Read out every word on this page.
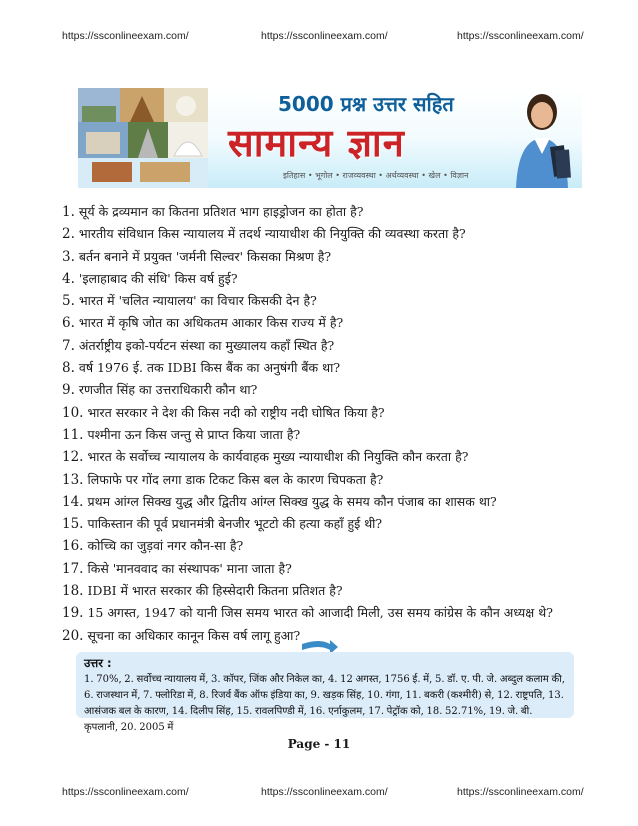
https://ssconlineexam.com/	https://ssconlineexam.com/	https://ssconlineexam.com/
5000 प्रश्न उत्तर सहित
सामान्य ज्ञान
इतिहास • भूगोल • राजव्यवस्था • अर्थव्यवस्था • खेल • विज्ञान
1. सूर्य के द्रव्यमान का कितना प्रतिशत भाग हाइड्रोजन का होता है?
2. भारतीय संविधान किस न्यायालय में तदर्थ न्यायाधीश की नियुक्ति की व्यवस्था करता है?
3. बर्तन बनाने में प्रयुक्त 'जर्मनी सिल्वर' किसका मिश्रण है?
4. 'इलाहाबाद की संधि' किस वर्ष हुई?
5. भारत में 'चलित न्यायालय' का विचार किसकी देन है?
6. भारत में कृषि जोत का अधिकतम आकार किस राज्य में है?
7. अंतर्राष्ट्रीय इको-पर्यटन संस्था का मुख्यालय कहाँ स्थित है?
8. वर्ष 1976 ई. तक IDBI किस बैंक का अनुषंगी बैंक था?
9. रणजीत सिंह का उत्तराधिकारी कौन था?
10. भारत सरकार ने देश की किस नदी को राष्ट्रीय नदी घोषित किया है?
11. पश्मीना ऊन किस जन्तु से प्राप्त किया जाता है?
12. भारत के सर्वोच्च न्यायालय के कार्यवाहक मुख्य न्यायाधीश की नियुक्ति कौन करता है?
13. लिफाफे पर गोंद लगा डाक टिकट किस बल के कारण चिपकता है?
14. प्रथम आंग्ल सिक्ख युद्ध और द्वितीय आंग्ल सिक्ख युद्ध के समय कौन पंजाब का शासक था?
15. पाकिस्तान की पूर्व प्रधानमंत्री बेनजीर भूटटो की हत्या कहाँ हुई थी?
16. कोच्चि का जुड़वां नगर कौन-सा है?
17. किसे 'मानववाद का संस्थापक' माना जाता है?
18. IDBI में भारत सरकार की हिस्सेदारी कितना प्रतिशत है?
19. 15 अगस्त, 1947 को यानी जिस समय भारत को आजादी मिली, उस समय कांग्रेस के कौन अध्यक्ष थे?
20. सूचना का अधिकार कानून किस वर्ष लागू हुआ?
उत्तर :
1. 70%, 2. सर्वोच्च न्यायालय में, 3. कॉपर, जिंक और निकेल का, 4. 12 अगस्त, 1756 ई. में, 5. डॉ. ए. पी. जे. अब्दुल कलाम की, 6. राजस्थान में, 7. फ्लोरिडा में, 8. रिजर्व बैंक ऑफ इंडिया का, 9. खड़क सिंह, 10. गंगा, 11. बकरी (कश्मीरी) से, 12. राष्ट्रपति, 13. आसंजक बल के कारण, 14. दिलीप सिंह, 15. रावलपिण्डी में, 16. एर्नाकुलम, 17. पेट्रॉक को, 18. 52.71%, 19. जे. बी. कृपलानी, 20. 2005 में
Page - 11
https://ssconlineexam.com/	https://ssconlineexam.com/	https://ssconlineexam.com/
